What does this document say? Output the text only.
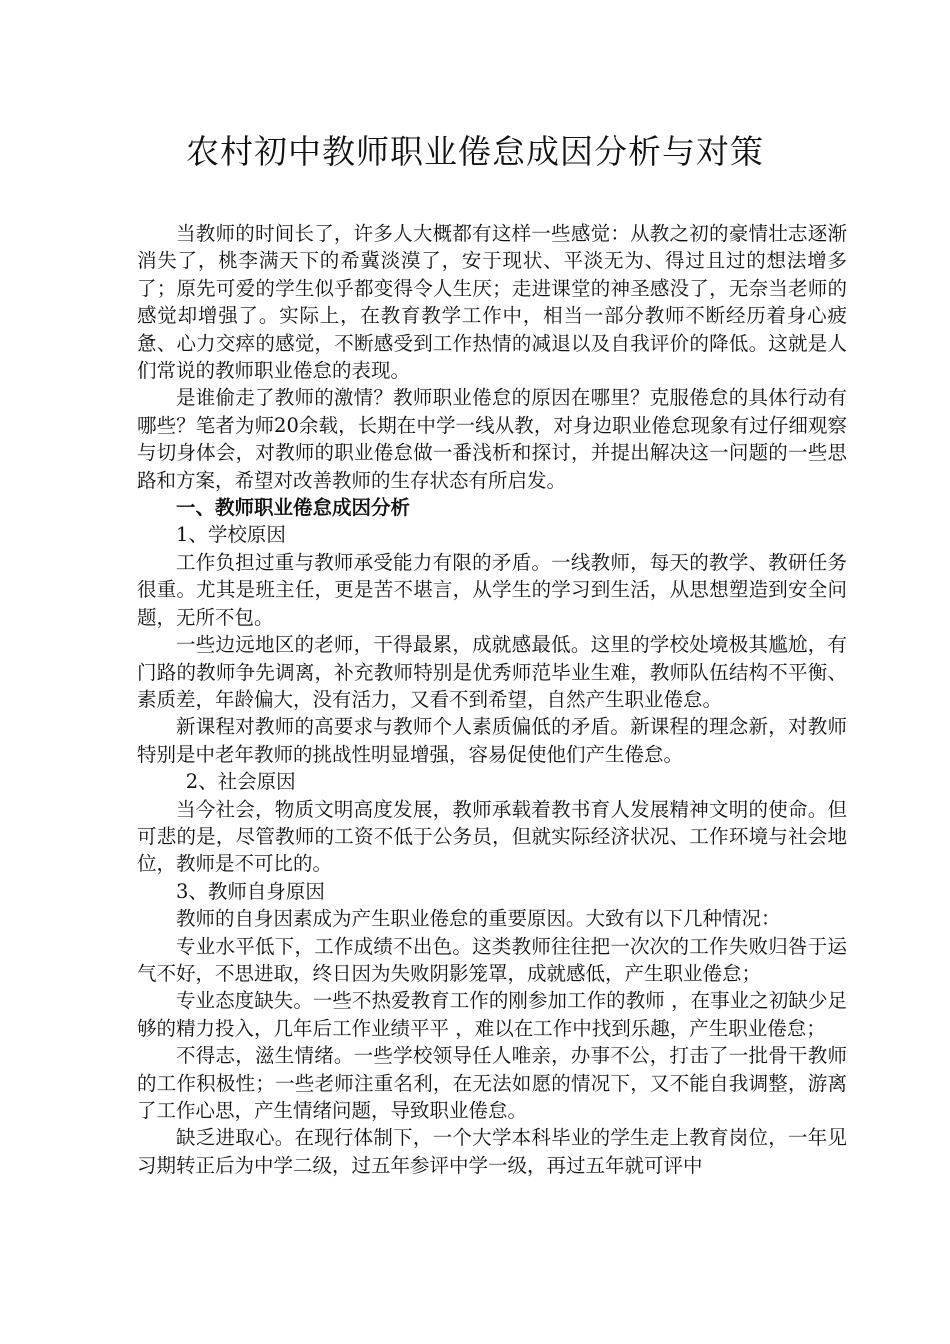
农村初中教师职业倦怠成因分析与对策

当教师的时间长了，许多人大概都有这样一些感觉：从教之初的豪情壮志逐渐消失了，桃李满天下的希冀淡漠了，安于现状、平淡无为、得过且过的想法增多了；原先可爱的学生似乎都变得令人生厌；走进课堂的神圣感没了，无奈当老师的感觉却增强了。实际上，在教育教学工作中，相当一部分教师不断经历着身心疲惫、心力交瘁的感觉，不断感受到工作热情的减退以及自我评价的降低。这就是人们常说的教师职业倦怠的表现。

是谁偷走了教师的激情？教师职业倦怠的原因在哪里？克服倦怠的具体行动有哪些？笔者为师20余载，长期在中学一线从教，对身边职业倦怠现象有过仔细观察与切身体会，对教师的职业倦怠做一番浅析和探讨，并提出解决这一问题的一些思路和方案，希望对改善教师的生存状态有所启发。

一、教师职业倦怠成因分析

1、学校原因

工作负担过重与教师承受能力有限的矛盾。一线教师，每天的教学、教研任务很重。尤其是班主任，更是苦不堪言，从学生的学习到生活，从思想塑造到安全问题，无所不包。

一些边远地区的老师，干得最累，成就感最低。这里的学校处境极其尴尬，有门路的教师争先调离，补充教师特别是优秀师范毕业生难，教师队伍结构不平衡、素质差，年龄偏大，没有活力，又看不到希望，自然产生职业倦怠。

新课程对教师的高要求与教师个人素质偏低的矛盾。新课程的理念新，对教师特别是中老年教师的挑战性明显增强，容易促使他们产生倦怠。

2、社会原因

当今社会，物质文明高度发展，教师承载着教书育人发展精神文明的使命。但可悲的是，尽管教师的工资不低于公务员，但就实际经济状况、工作环境与社会地位，教师是不可比的。

3、教师自身原因

教师的自身因素成为产生职业倦怠的重要原因。大致有以下几种情况：

专业水平低下，工作成绩不出色。这类教师往往把一次次的工作失败归咎于运气不好，不思进取，终日因为失败阴影笼罩，成就感低，产生职业倦怠；

专业态度缺失。一些不热爱教育工作的刚参加工作的教师 ，在事业之初缺少足够的精力投入，几年后工作业绩平平 ，难以在工作中找到乐趣，产生职业倦怠；

不得志，滋生情绪。一些学校领导任人唯亲，办事不公，打击了一批骨干教师的工作积极性；一些老师注重名利，在无法如愿的情况下，又不能自我调整，游离了工作心思，产生情绪问题，导致职业倦怠。

缺乏进取心。在现行体制下，一个大学本科毕业的学生走上教育岗位，一年见习期转正后为中学二级，过五年参评中学一级，再过五年就可评中
